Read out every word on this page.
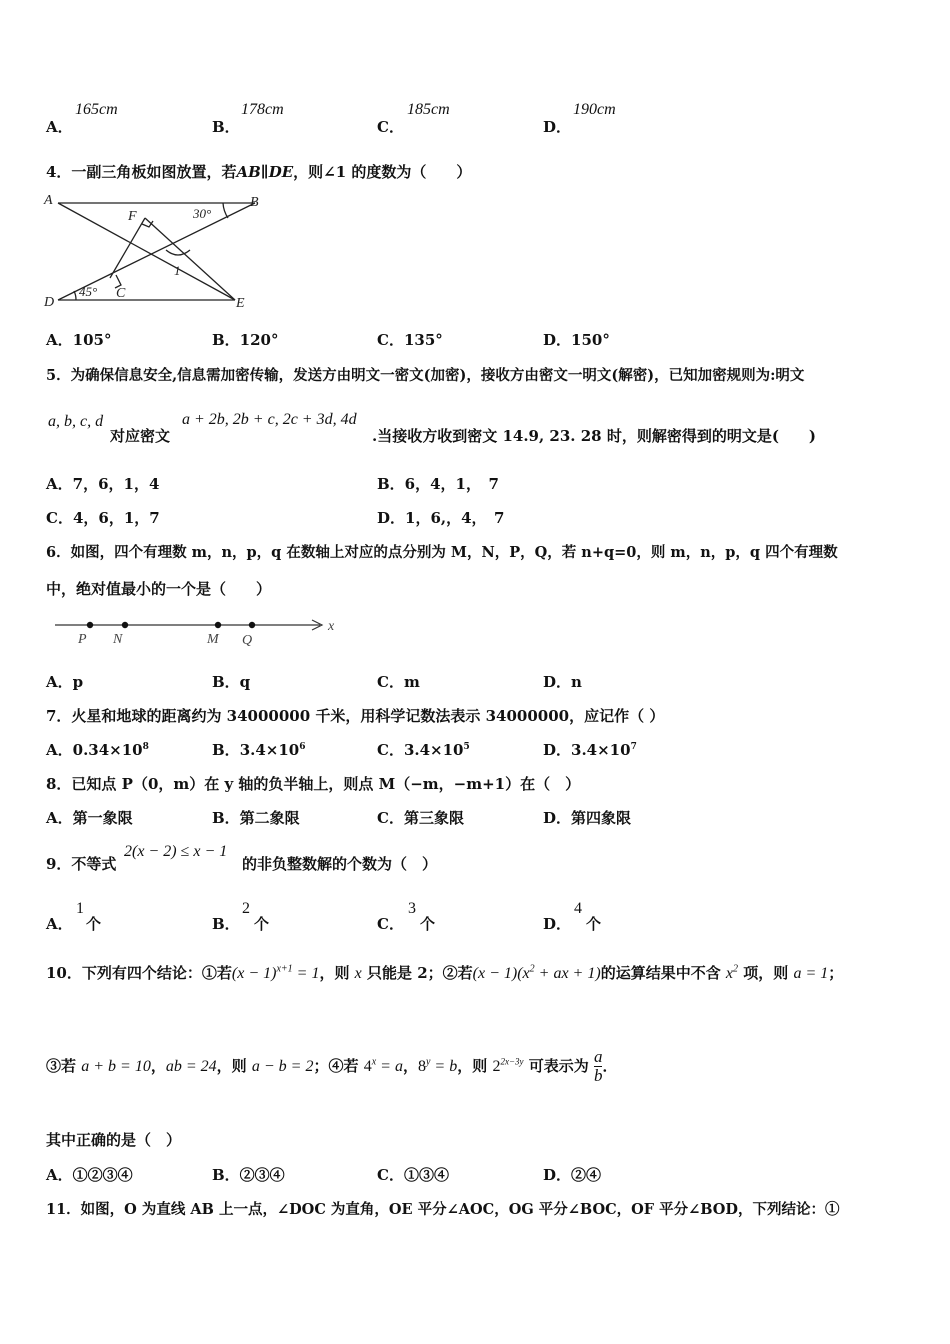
A．
165cm
B．
178cm
C．
185cm
D．
190cm
4．一副三角板如图放置，若AB∥DE，则∠1 的度数为（　　）
A	B
D	E
F
C
30°
45°
1
A．105°	B．120°	C．135°	D．150°
5．为确保信息安全,信息需加密传输，发送方由明文一密文(加密)，接收方由密文一明文(解密)，已知加密规则为:明文
a, b, c, d
对应密文
a + 2b, 2b + c, 2c + 3d, 4d
.当接收方收到密文 14.9, 23. 28 时，则解密得到的明文是(　　)
A．7，6，1，4	B．6，4，1，　7
C．4，6，1，7	D．1，6,，4，　7
6．如图，四个有理数 m，n，p，q 在数轴上对应的点分别为 M，N，P，Q，若 n+q=0，则 m，n，p，q 四个有理数
中，绝对值最小的一个是（　　）
P N	M Q
x
A．p	B．q	C．m	D．n
7．火星和地球的距离约为 34000000 千米，用科学记数法表示 34000000，应记作（ ）
A．$0.34\times 10^8$	B．$3.4\times 10^6$	C．$3.4\times 10^5$	D．$3.4\times 10^7$
8．已知点 P（0，m）在 y 轴的负半轴上，则点 M（−m，−m+1）在（　）
A．第一象限	B．第二象限	C．第三象限	D．第四象限
9．不等式
2(x − 2) ≤ x − 1
的非负整数解的个数为（　）
A．
1
个	B．
2
个	C．
3
个	D．
4
个
10．下列有四个结论：①若$(x - 1)^{x+1} = 1$，则 x 只能是 2；②若$(x - 1)(x^2$ + ax + 1)的运算结果中不含 $x^2$ 项，则 a = 1；
③若 a + b = 10，ab = 24，则 a − b = 2；④若 $4^x = a$，$8^y = b$，则 $2^{2x-3y}$ 可表示为 $\frac{a}{b}$ ．
其中正确的是（　）
A．①②③④	B．②③④	C．①③④	D．②④
11．如图，O 为直线 AB 上一点，∠DOC 为直角，OE 平分∠AOC，OG 平分∠BOC，OF 平分∠BOD，下列结论：①
